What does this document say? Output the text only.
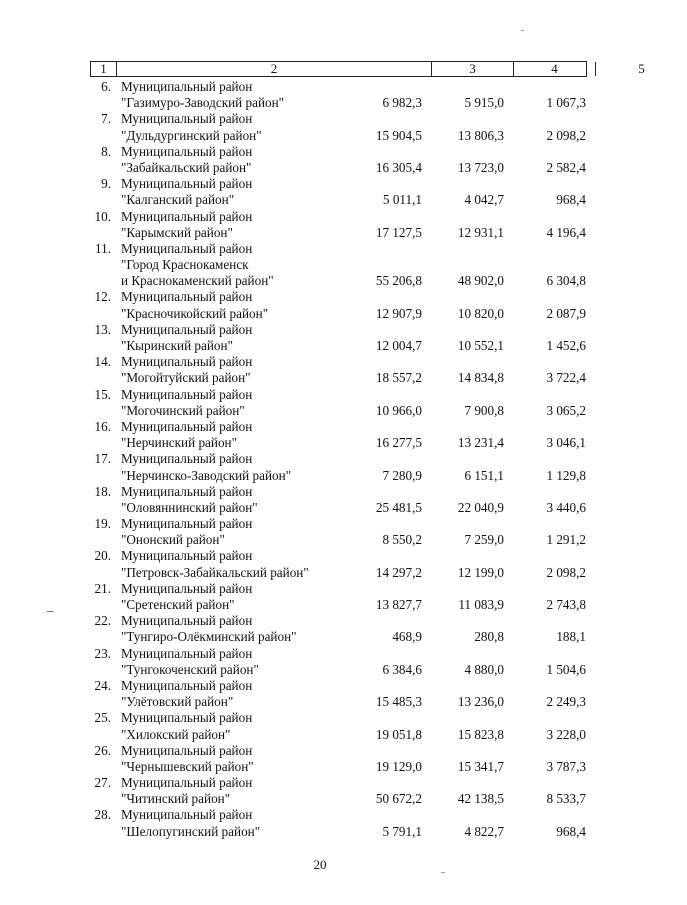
1	2	3	4	5
6. Муниципальный район
"Газимуро-Заводский район"	6 982,3	5 915,0	1 067,3
7. Муниципальный район
"Дульдургинский район"	15 904,5	13 806,3	2 098,2
8. Муниципальный район
"Забайкальский район"	16 305,4	13 723,0	2 582,4
9. Муниципальный район
"Калганский район"	5 011,1	4 042,7	968,4
10. Муниципальный район
"Карымский район"	17 127,5	12 931,1	4 196,4
11. Муниципальный район
"Город Краснокаменск
и Краснокаменский район"	55 206,8	48 902,0	6 304,8
12. Муниципальный район
"Красночикойский район"	12 907,9	10 820,0	2 087,9
13. Муниципальный район
"Кыринский район"	12 004,7	10 552,1	1 452,6
14. Муниципальный район
"Могойтуйский район"	18 557,2	14 834,8	3 722,4
15. Муниципальный район
"Могочинский район"	10 966,0	7 900,8	3 065,2
16. Муниципальный район
"Нерчинский район"	16 277,5	13 231,4	3 046,1
17. Муниципальный район
"Нерчинско-Заводский район"	7 280,9	6 151,1	1 129,8
18. Муниципальный район
"Оловяннинский район"	25 481,5	22 040,9	3 440,6
19. Муниципальный район
"Ононский район"	8 550,2	7 259,0	1 291,2
20. Муниципальный район
"Петровск-Забайкальский район"	14 297,2	12 199,0	2 098,2
21. Муниципальный район
"Сретенский район"	13 827,7	11 083,9	2 743,8
22. Муниципальный район
"Тунгиро-Олёкминский район"	468,9	280,8	188,1
23. Муниципальный район
"Тунгокоченский район"	6 384,6	4 880,0	1 504,6
24. Муниципальный район
"Улётовский район"	15 485,3	13 236,0	2 249,3
25. Муниципальный район
"Хилокский район"	19 051,8	15 823,8	3 228,0
26. Муниципальный район
"Чернышевский район"	19 129,0	15 341,7	3 787,3
27. Муниципальный район
"Читинский район"	50 672,2	42 138,5	8 533,7
28. Муниципальный район
"Шелопугинский район"	5 791,1	4 822,7	968,4
20
